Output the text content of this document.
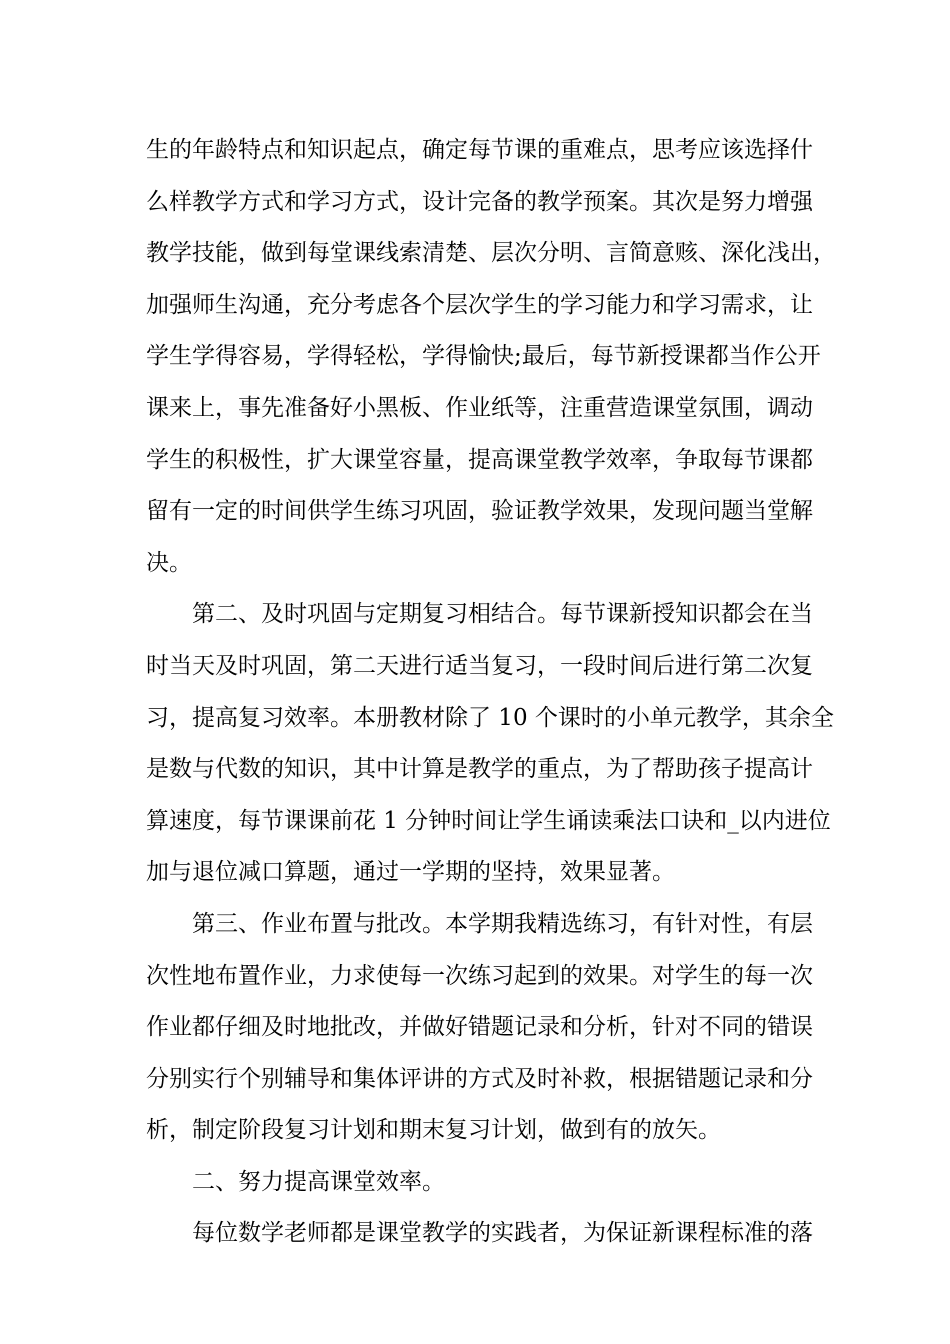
生的年龄特点和知识起点，确定每节课的重难点，思考应该选择什
么样教学方式和学习方式，设计完备的教学预案。其次是努力增强
教学技能，做到每堂课线索清楚、层次分明、言简意赅、深化浅出，
加强师生沟通，充分考虑各个层次学生的学习能力和学习需求，让
学生学得容易，学得轻松，学得愉快;最后，每节新授课都当作公开
课来上，事先准备好小黑板、作业纸等，注重营造课堂氛围，调动
学生的积极性，扩大课堂容量，提高课堂教学效率，争取每节课都
留有一定的时间供学生练习巩固，验证教学效果，发现问题当堂解
决。
第二、及时巩固与定期复习相结合。每节课新授知识都会在当
时当天及时巩固，第二天进行适当复习，一段时间后进行第二次复
习，提高复习效率。本册教材除了 10 个课时的小单元教学，其余全
是数与代数的知识，其中计算是教学的重点，为了帮助孩子提高计
算速度，每节课课前花 1 分钟时间让学生诵读乘法口诀和_以内进位
加与退位减口算题，通过一学期的坚持，效果显著。
第三、作业布置与批改。本学期我精选练习，有针对性，有层
次性地布置作业，力求使每一次练习起到的效果。对学生的每一次
作业都仔细及时地批改，并做好错题记录和分析，针对不同的错误
分别实行个别辅导和集体评讲的方式及时补救，根据错题记录和分
析，制定阶段复习计划和期末复习计划，做到有的放矢。
二、努力提高课堂效率。
每位数学老师都是课堂教学的实践者，为保证新课程标准的落
